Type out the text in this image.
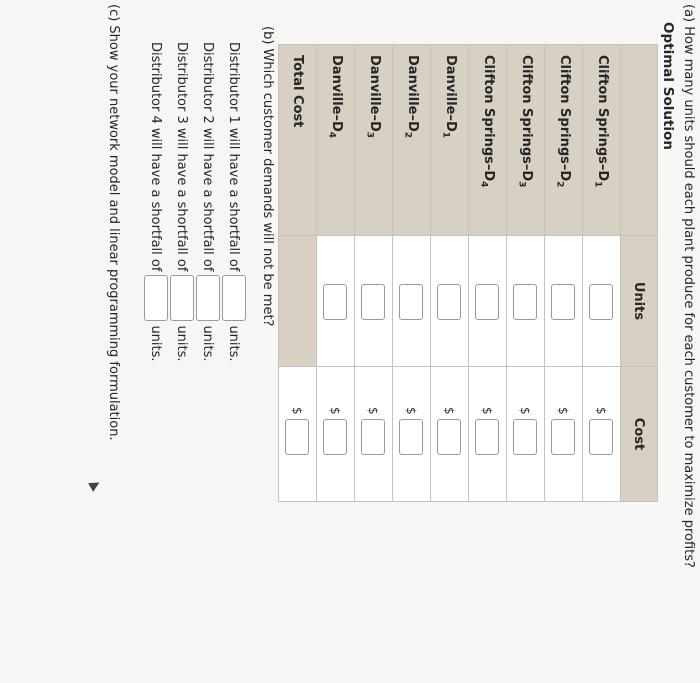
(a) How many units should each plant produce for each customer to maximize profits?
Optimal Solution
	Units	Cost
Clifton Springs–$D_1$		$

Clifton Springs–$D_2$		$

Clifton Springs–$D_3$		$

Clifton Springs–$D_4$		$

Danville–$D_1$		$

Danville–$D_2$		$

Danville–$D_3$		$

Danville–$D_4$		$

Total Cost		$
(b) Which customer demands will not be met?
Distributor 1 will have a shortfall of
units.
Distributor 2 will have a shortfall of
units.
Distributor 3 will have a shortfall of
units.
Distributor 4 will have a shortfall of
units.
(c) Show your network model and linear programming formulation.
